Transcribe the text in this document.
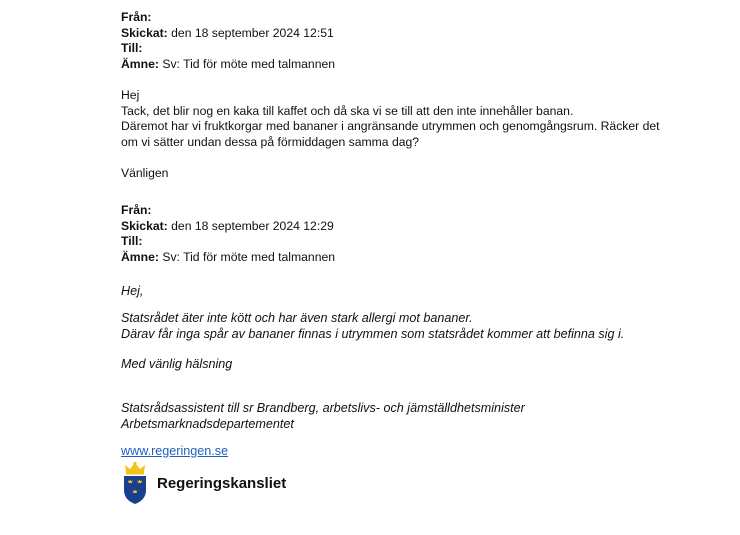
Från:
Skickat: den 18 september 2024 12:51
Till:
Ämne: Sv: Tid för möte med talmannen
Hej
Tack, det blir nog en kaka till kaffet och då ska vi se till att den inte innehåller banan.
Däremot har vi fruktkorgar med bananer i angränsande utrymmen och genomgångsrum. Räcker det
om vi sätter undan dessa på förmiddagen samma dag?
Vänligen
Från:
Skickat: den 18 september 2024 12:29
Till:
Ämne: Sv: Tid för möte med talmannen
Hej,
Statsrådet äter inte kött och har även stark allergi mot bananer.
Därav får inga spår av bananer finnas i utrymmen som statsrådet kommer att befinna sig i.
Med vänlig hälsning
Statsrådsassistent till sr Brandberg, arbetslivs- och jämställdhetsminister
Arbetsmarknadsdepartementet
www.regeringen.se
Regeringskansliet
